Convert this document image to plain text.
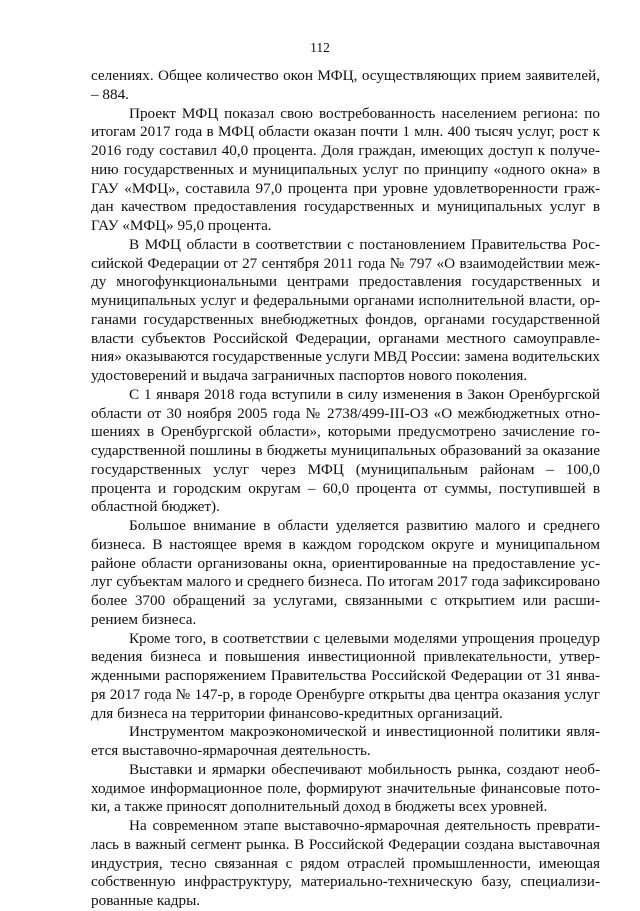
112

селениях. Общее количество окон МФЦ, осуществляющих прием заявителей, – 884.

Проект МФЦ показал свою востребованность населением региона: по итогам 2017 года в МФЦ области оказан почти 1 млн. 400 тысяч услуг, рост к 2016 году составил 40,0 процента. Доля граждан, имеющих доступ к получению государственных и муниципальных услуг по принципу «одного окна» в ГАУ «МФЦ», составила 97,0 процента при уровне удовлетворенности граждан качеством предоставления государственных и муниципальных услуг в ГАУ «МФЦ» 95,0 процента.

В МФЦ области в соответствии с постановлением Правительства Российской Федерации от 27 сентября 2011 года № 797 «О взаимодействии между многофункциональными центрами предоставления государственных и муниципальных услуг и федеральными органами исполнительной власти, органами государственных внебюджетных фондов, органами государственной власти субъектов Российской Федерации, органами местного самоуправления» оказываются государственные услуги МВД России: замена водительских удостоверений и выдача заграничных паспортов нового поколения.

С 1 января 2018 года вступили в силу изменения в Закон Оренбургской области от 30 ноября 2005 года № 2738/499-III-ОЗ «О межбюджетных отношениях в Оренбургской области», которыми предусмотрено зачисление государственной пошлины в бюджеты муниципальных образований за оказание государственных услуг через МФЦ (муниципальным районам – 100,0 процента и городским округам – 60,0 процента от суммы, поступившей в областной бюджет).

Большое внимание в области уделяется развитию малого и среднего бизнеса. В настоящее время в каждом городском округе и муниципальном районе области организованы окна, ориентированные на предоставление услуг субъектам малого и среднего бизнеса. По итогам 2017 года зафиксировано более 3700 обращений за услугами, связанными с открытием или расширением бизнеса.

Кроме того, в соответствии с целевыми моделями упрощения процедур ведения бизнеса и повышения инвестиционной привлекательности, утвержденными распоряжением Правительства Российской Федерации от 31 января 2017 года № 147-р, в городе Оренбурге открыты два центра оказания услуг для бизнеса на территории финансово-кредитных организаций.

Инструментом макроэкономической и инвестиционной политики является выставочно-ярмарочная деятельность.

Выставки и ярмарки обеспечивают мобильность рынка, создают необходимое информационное поле, формируют значительные финансовые потоки, а также приносят дополнительный доход в бюджеты всех уровней.

На современном этапе выставочно-ярмарочная деятельность превратилась в важный сегмент рынка. В Российской Федерации создана выставочная индустрия, тесно связанная с рядом отраслей промышленности, имеющая собственную инфраструктуру, материально-техническую базу, специализированные кадры.
